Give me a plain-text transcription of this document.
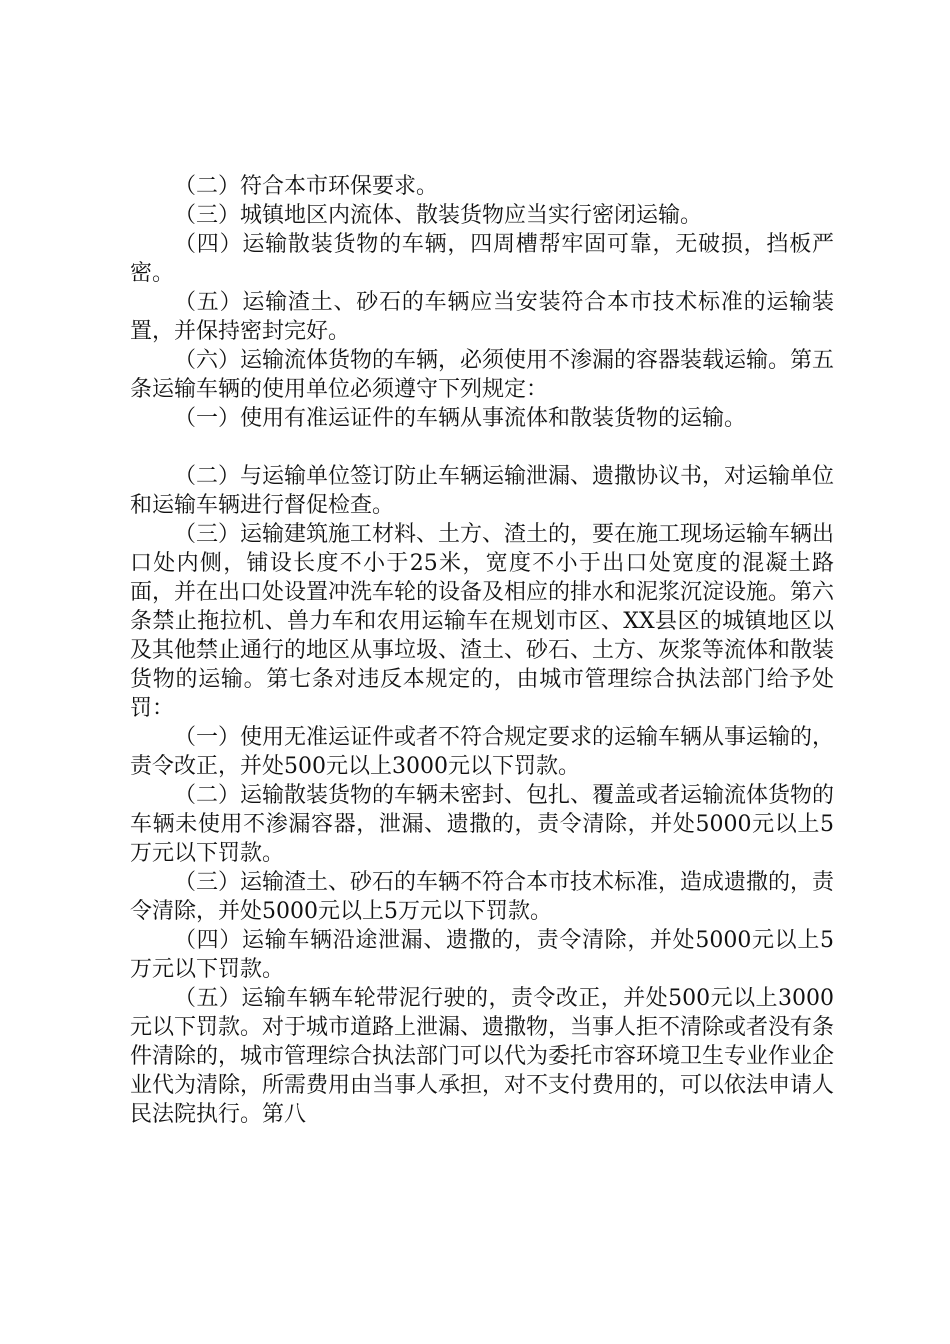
（二）符合本市环保要求。

（三）城镇地区内流体、散装货物应当实行密闭运输。

（四）运输散装货物的车辆，四周槽帮牢固可靠，无破损，挡板严密。

（五）运输渣土、砂石的车辆应当安装符合本市技术标准的运输装置，并保持密封完好。

（六）运输流体货物的车辆，必须使用不渗漏的容器装载运输。第五条运输车辆的使用单位必须遵守下列规定：

（一）使用有准运证件的车辆从事流体和散装货物的运输。

（二）与运输单位签订防止车辆运输泄漏、遗撒协议书，对运输单位和运输车辆进行督促检查。

（三）运输建筑施工材料、土方、渣土的，要在施工现场运输车辆出口处内侧，铺设长度不小于25米，宽度不小于出口处宽度的混凝土路面，并在出口处设置冲洗车轮的设备及相应的排水和泥浆沉淀设施。第六条禁止拖拉机、兽力车和农用运输车在规划市区、XX县区的城镇地区以及其他禁止通行的地区从事垃圾、渣土、砂石、土方、灰浆等流体和散装货物的运输。第七条对违反本规定的，由城市管理综合执法部门给予处罚：

（一）使用无准运证件或者不符合规定要求的运输车辆从事运输的，责令改正，并处500元以上3000元以下罚款。

（二）运输散装货物的车辆未密封、包扎、覆盖或者运输流体货物的车辆未使用不渗漏容器，泄漏、遗撒的，责令清除，并处5000元以上5万元以下罚款。

（三）运输渣土、砂石的车辆不符合本市技术标准，造成遗撒的，责令清除，并处5000元以上5万元以下罚款。

（四）运输车辆沿途泄漏、遗撒的，责令清除，并处5000元以上5万元以下罚款。

（五）运输车辆车轮带泥行驶的，责令改正，并处500元以上3000元以下罚款。对于城市道路上泄漏、遗撒物，当事人拒不清除或者没有条件清除的，城市管理综合执法部门可以代为委托市容环境卫生专业作业企业代为清除，所需费用由当事人承担，对不支付费用的，可以依法申请人民法院执行。第八
